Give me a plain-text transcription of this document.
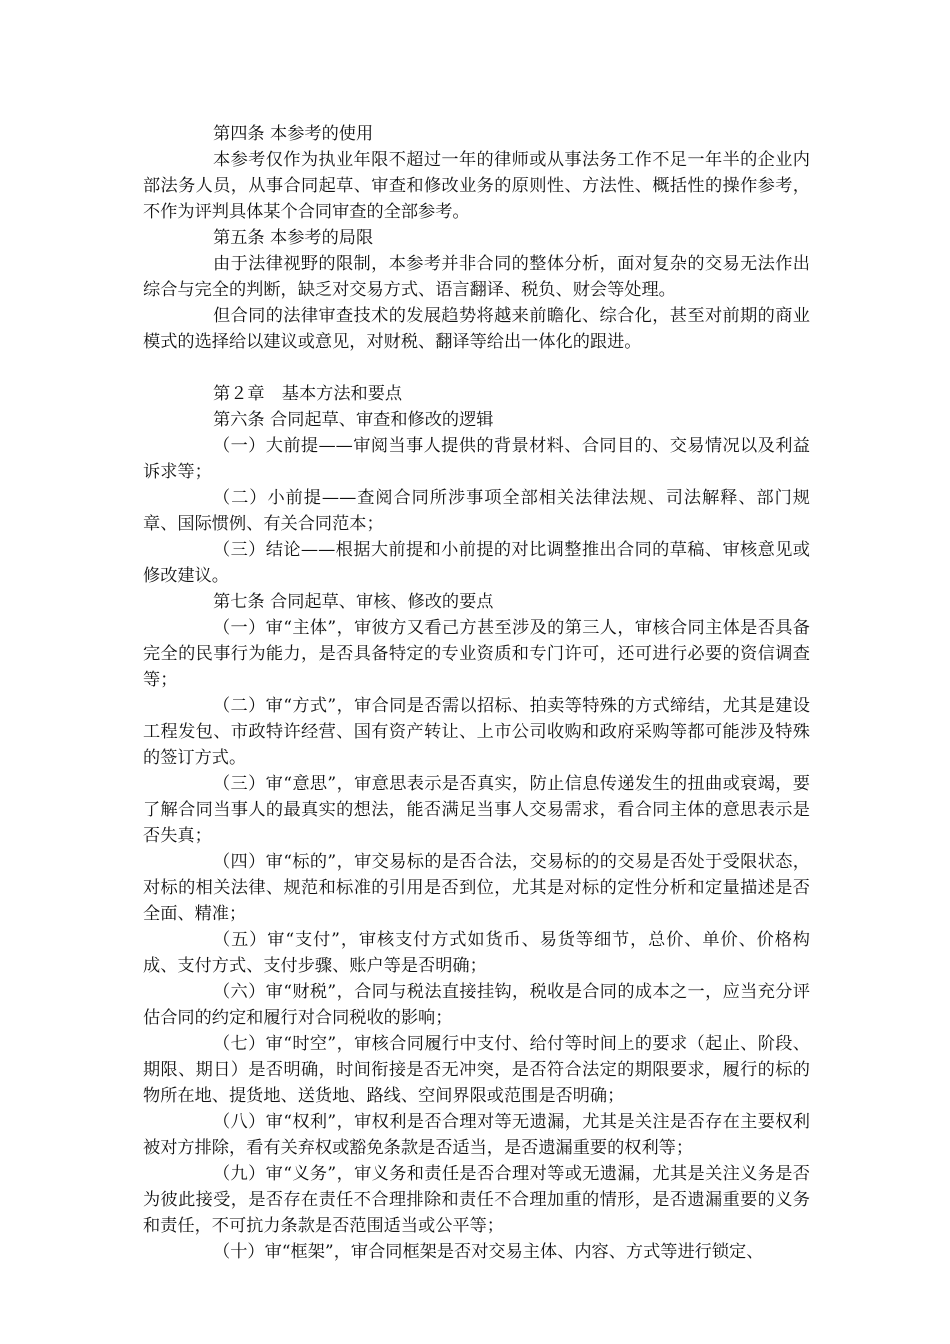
第四条 本参考的使用

本参考仅作为执业年限不超过一年的律师或从事法务工作不足一年半的企业内部法务人员，从事合同起草、审查和修改业务的原则性、方法性、概括性的操作参考，不作为评判具体某个合同审查的全部参考。

第五条 本参考的局限

由于法律视野的限制，本参考并非合同的整体分析，面对复杂的交易无法作出综合与完全的判断，缺乏对交易方式、语言翻译、税负、财会等处理。

但合同的法律审查技术的发展趋势将越来前瞻化、综合化，甚至对前期的商业模式的选择给以建议或意见，对财税、翻译等给出一体化的跟进。

第２章　基本方法和要点

第六条 合同起草、审查和修改的逻辑

（一）大前提——审阅当事人提供的背景材料、合同目的、交易情况以及利益诉求等；

（二）小前提——查阅合同所涉事项全部相关法律法规、司法解释、部门规章、国际惯例、有关合同范本；

（三）结论——根据大前提和小前提的对比调整推出合同的草稿、审核意见或修改建议。

第七条 合同起草、审核、修改的要点

（一）审“主体”，审彼方又看己方甚至涉及的第三人，审核合同主体是否具备完全的民事行为能力，是否具备特定的专业资质和专门许可，还可进行必要的资信调查等；

（二）审“方式”，审合同是否需以招标、拍卖等特殊的方式缔结，尤其是建设工程发包、市政特许经营、国有资产转让、上市公司收购和政府采购等都可能涉及特殊的签订方式。

（三）审“意思”，审意思表示是否真实，防止信息传递发生的扭曲或衰竭，要了解合同当事人的最真实的想法，能否满足当事人交易需求，看合同主体的意思表示是否失真；

（四）审“标的”，审交易标的是否合法，交易标的的交易是否处于受限状态，对标的相关法律、规范和标准的引用是否到位，尤其是对标的定性分析和定量描述是否全面、精准；

（五）审“支付”，审核支付方式如货币、易货等细节，总价、单价、价格构成、支付方式、支付步骤、账户等是否明确；

（六）审“财税”，合同与税法直接挂钩，税收是合同的成本之一，应当充分评估合同的约定和履行对合同税收的影响；

（七）审“时空”，审核合同履行中支付、给付等时间上的要求（起止、阶段、期限、期日）是否明确，时间衔接是否无冲突，是否符合法定的期限要求，履行的标的物所在地、提货地、送货地、路线、空间界限或范围是否明确；

（八）审“权利”，审权利是否合理对等无遗漏，尤其是关注是否存在主要权利被对方排除，看有关弃权或豁免条款是否适当，是否遗漏重要的权利等；

（九）审“义务”，审义务和责任是否合理对等或无遗漏，尤其是关注义务是否为彼此接受，是否存在责任不合理排除和责任不合理加重的情形，是否遗漏重要的义务和责任，不可抗力条款是否范围适当或公平等；

（十）审“框架”，审合同框架是否对交易主体、内容、方式等进行锁定、
